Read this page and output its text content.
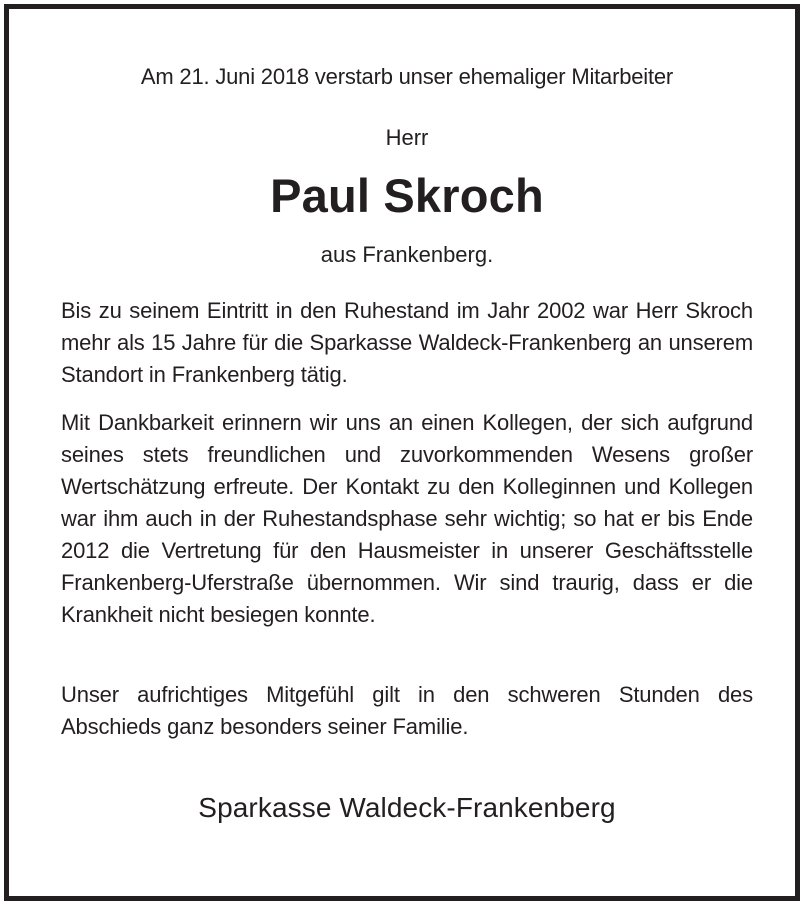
Am 21. Juni 2018 verstarb unser ehemaliger Mitarbeiter
Herr
Paul Skroch
aus Frankenberg.
Bis zu seinem Eintritt in den Ruhestand im Jahr 2002 war Herr Skroch mehr als 15 Jahre für die Sparkasse Waldeck-Frankenberg an unserem Standort in Frankenberg tätig.
Mit Dankbarkeit erinnern wir uns an einen Kollegen, der sich aufgrund seines stets freundlichen und zuvorkommenden Wesens großer Wertschätzung erfreute. Der Kontakt zu den Kolleginnen und Kollegen war ihm auch in der Ruhestandsphase sehr wichtig; so hat er bis Ende 2012 die Vertretung für den Hausmeister in unserer Geschäftsstelle Frankenberg-Uferstraße übernommen. Wir sind traurig, dass er die Krankheit nicht besiegen konnte.
Unser aufrichtiges Mitgefühl gilt in den schweren Stunden des Abschieds ganz besonders seiner Familie.
Sparkasse Waldeck-Frankenberg
